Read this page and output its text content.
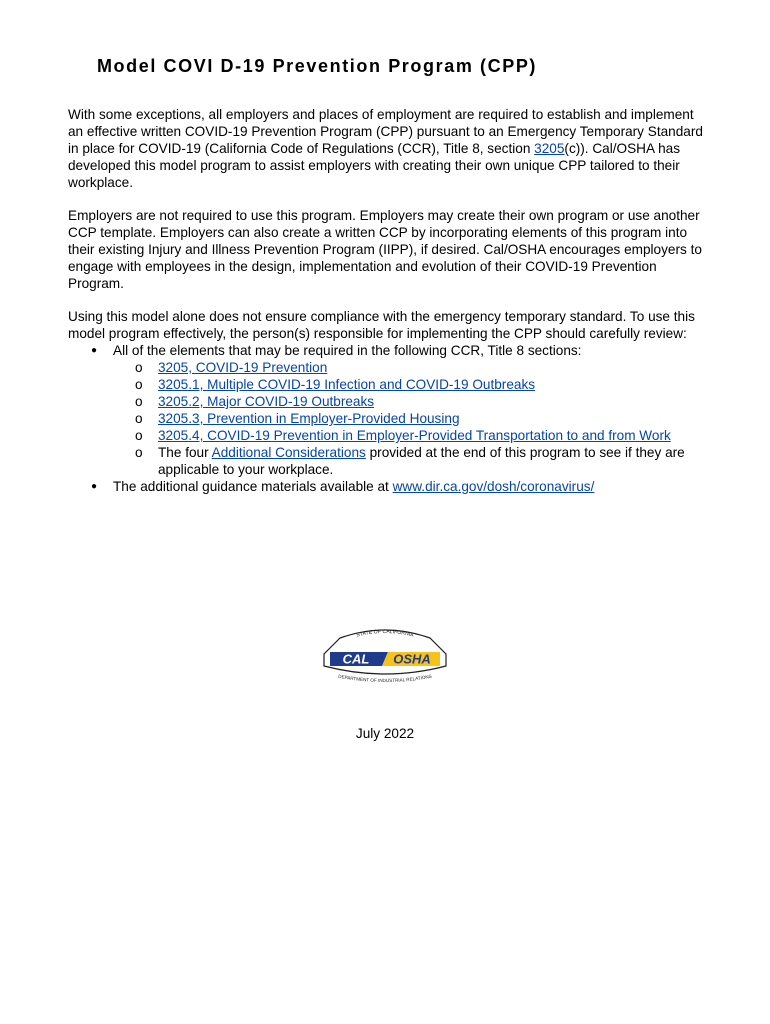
Model COVI D-19 Prevention Program (CPP)

With some exceptions, all employers and places of employment are required to establish and implement an effective written COVID-19 Prevention Program (CPP) pursuant to an Emergency Temporary Standard in place for COVID-19 (California Code of Regulations (CCR), Title 8, section 3205(c)). Cal/OSHA has developed this model program to assist employers with creating their own unique CPP tailored to their workplace.

Employers are not required to use this program. Employers may create their own program or use another CCP template. Employers can also create a written CCP by incorporating elements of this program into their existing Injury and Illness Prevention Program (IIPP), if desired. Cal/OSHA encourages employers to engage with employees in the design, implementation and evolution of their COVID-19 Prevention Program.

Using this model alone does not ensure compliance with the emergency temporary standard. To use this model program effectively, the person(s) responsible for implementing the CPP should carefully review:

● All of the elements that may be required in the following CCR, Title 8 sections:
o 3205, COVID-19 Prevention
o 3205.1, Multiple COVID-19 Infection and COVID-19 Outbreaks
o 3205.2, Major COVID-19 Outbreaks
o 3205.3, Prevention in Employer-Provided Housing
o 3205.4, COVID-19 Prevention in Employer-Provided Transportation to and from Work
o The four Additional Considerations provided at the end of this program to see if they are applicable to your workplace.
● The additional guidance materials available at www.dir.ca.gov/dosh/coronavirus/
CAL OSHA
STATE OF CALIFORNIA
DEPARTMENT OF INDUSTRIAL RELATIONS

July 2022
